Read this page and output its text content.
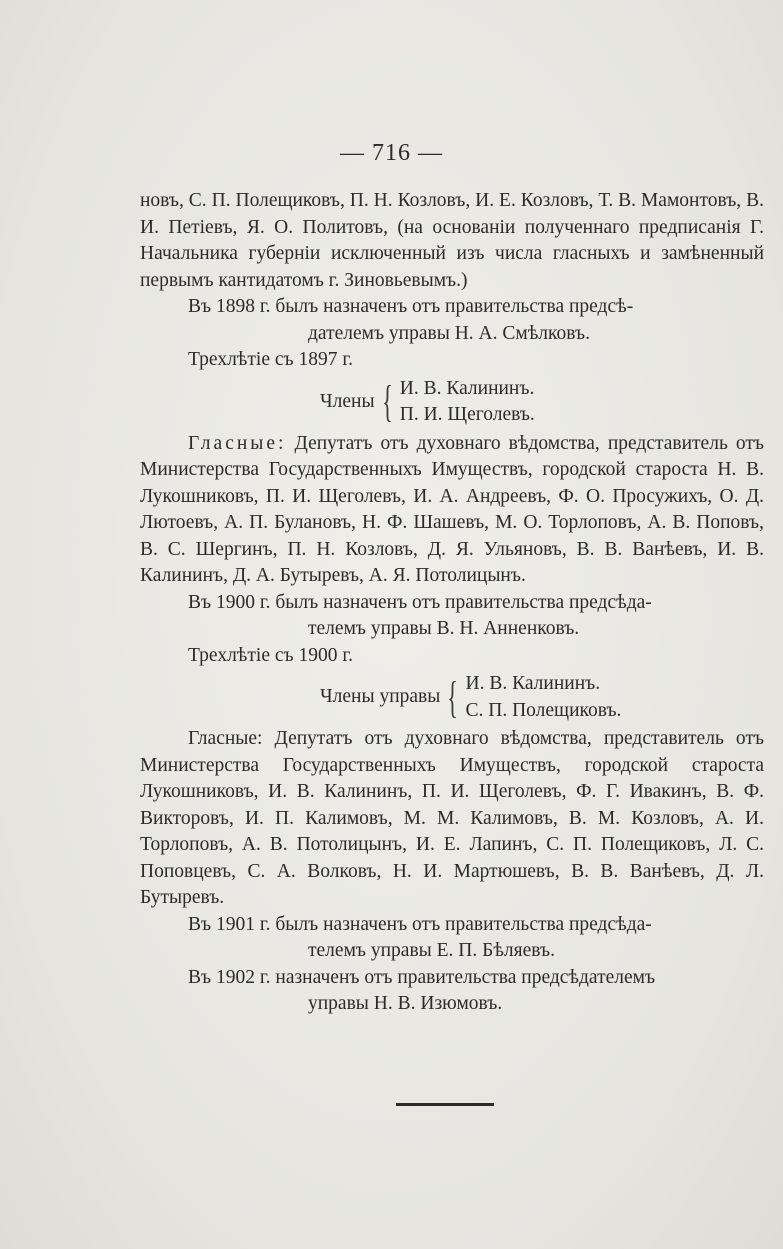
— 716 —

новъ, С. П. Полещиковъ, П. Н. Козловъ, И. Е. Козловъ, Т. В. Мамонтовъ, В. И. Петіевъ, Я. О. Политовъ, (на основаніи полученнаго предписанія Г. Начальника губерніи исключенный изъ числа гласныхъ и замѣненный первымъ кантидатомъ г. Зиновьевымъ.)

Въ 1898 г. былъ назначенъ отъ правительства предсѣ-
дателемъ управы Н. А. Смѣлковъ.

Трехлѣтіе съ 1897 г.

Члены { И. В. Калининъ.
П. И. Щеголевъ.

Гласные: Депутатъ отъ духовнаго вѣдомства, представитель отъ Министерства Государственныхъ Имуществъ, городской староста Н. В. Лукошниковъ, П. И. Щеголевъ, И. А. Андреевъ, Ф. О. Просужихъ, О. Д. Лютоевъ, А. П. Булановъ, Н. Ф. Шашевъ, М. О. Торлоповъ, А. В. Поповъ, В. С. Шергинъ, П. Н. Козловъ, Д. Я. Ульяновъ, В. В. Ванѣевъ, И. В. Калининъ, Д. А. Бутыревъ, А. Я. Потолицынъ.

Въ 1900 г. былъ назначенъ отъ правительства предсѣда-
телемъ управы В. Н. Анненковъ.

Трехлѣтіе съ 1900 г.

Члены управы { И. В. Калининъ.
С. П. Полещиковъ.

Гласные: Депутатъ отъ духовнаго вѣдомства, представитель отъ Министерства Государственныхъ Имуществъ, городской староста Лукошниковъ, И. В. Калининъ, П. И. Щеголевъ, Ф. Г. Ивакинъ, В. Ф. Викторовъ, И. П. Калимовъ, М. М. Калимовъ, В. М. Козловъ, А. И. Торлоповъ, А. В. Потолицынъ, И. Е. Лапинъ, С. П. Полещиковъ, Л. С. Поповцевъ, С. А. Волковъ, Н. И. Мартюшевъ, В. В. Ванѣевъ, Д. Л. Бутыревъ.

Въ 1901 г. былъ назначенъ отъ правительства предсѣда-
телемъ управы Е. П. Бѣляевъ.

Въ 1902 г. назначенъ отъ правительства предсѣдателемъ
управы Н. В. Изюмовъ.
